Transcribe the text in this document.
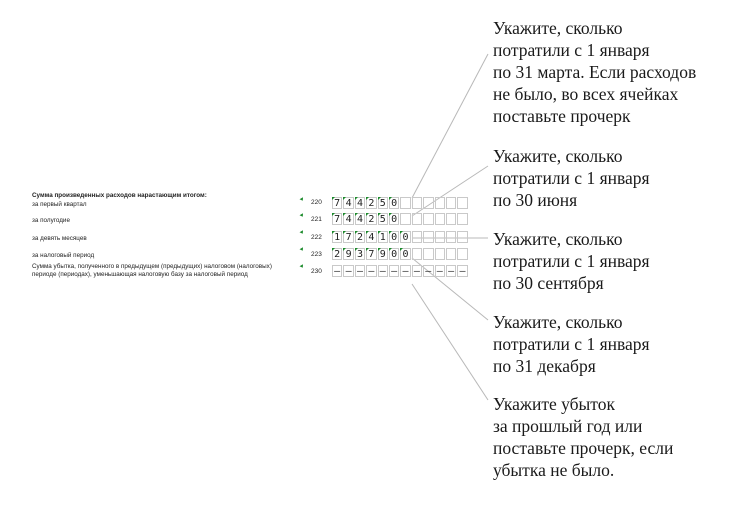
Сумма произведенных расходов нарастающим итогом:
за первый квартал	220 7 4 4 2 5 0
за полугодие	221 7 4 4 2 5 0
за девять месяцев	222 1 7 2 4 1 0 0
за налоговый период	223 2 9 3 7 9 0 0
Сумма убытка, полученного в предыдущем (предыдущих) налоговом (налоговых)
периоде (периодах), уменьшающая налоговую базу за налоговый период	230 – – – – – – – – – – – –
Укажите, сколько
потратили с 1 января
по 31 марта. Если расходов
не было, во всех ячейках
поставьте прочерк
Укажите, сколько
потратили с 1 января
по 30 июня
Укажите, сколько
потратили с 1 января
по 30 сентября
Укажите, сколько
потратили с 1 января
по 31 декабря
Укажите убыток
за прошлый год или
поставьте прочерк, если
убытка не было.
